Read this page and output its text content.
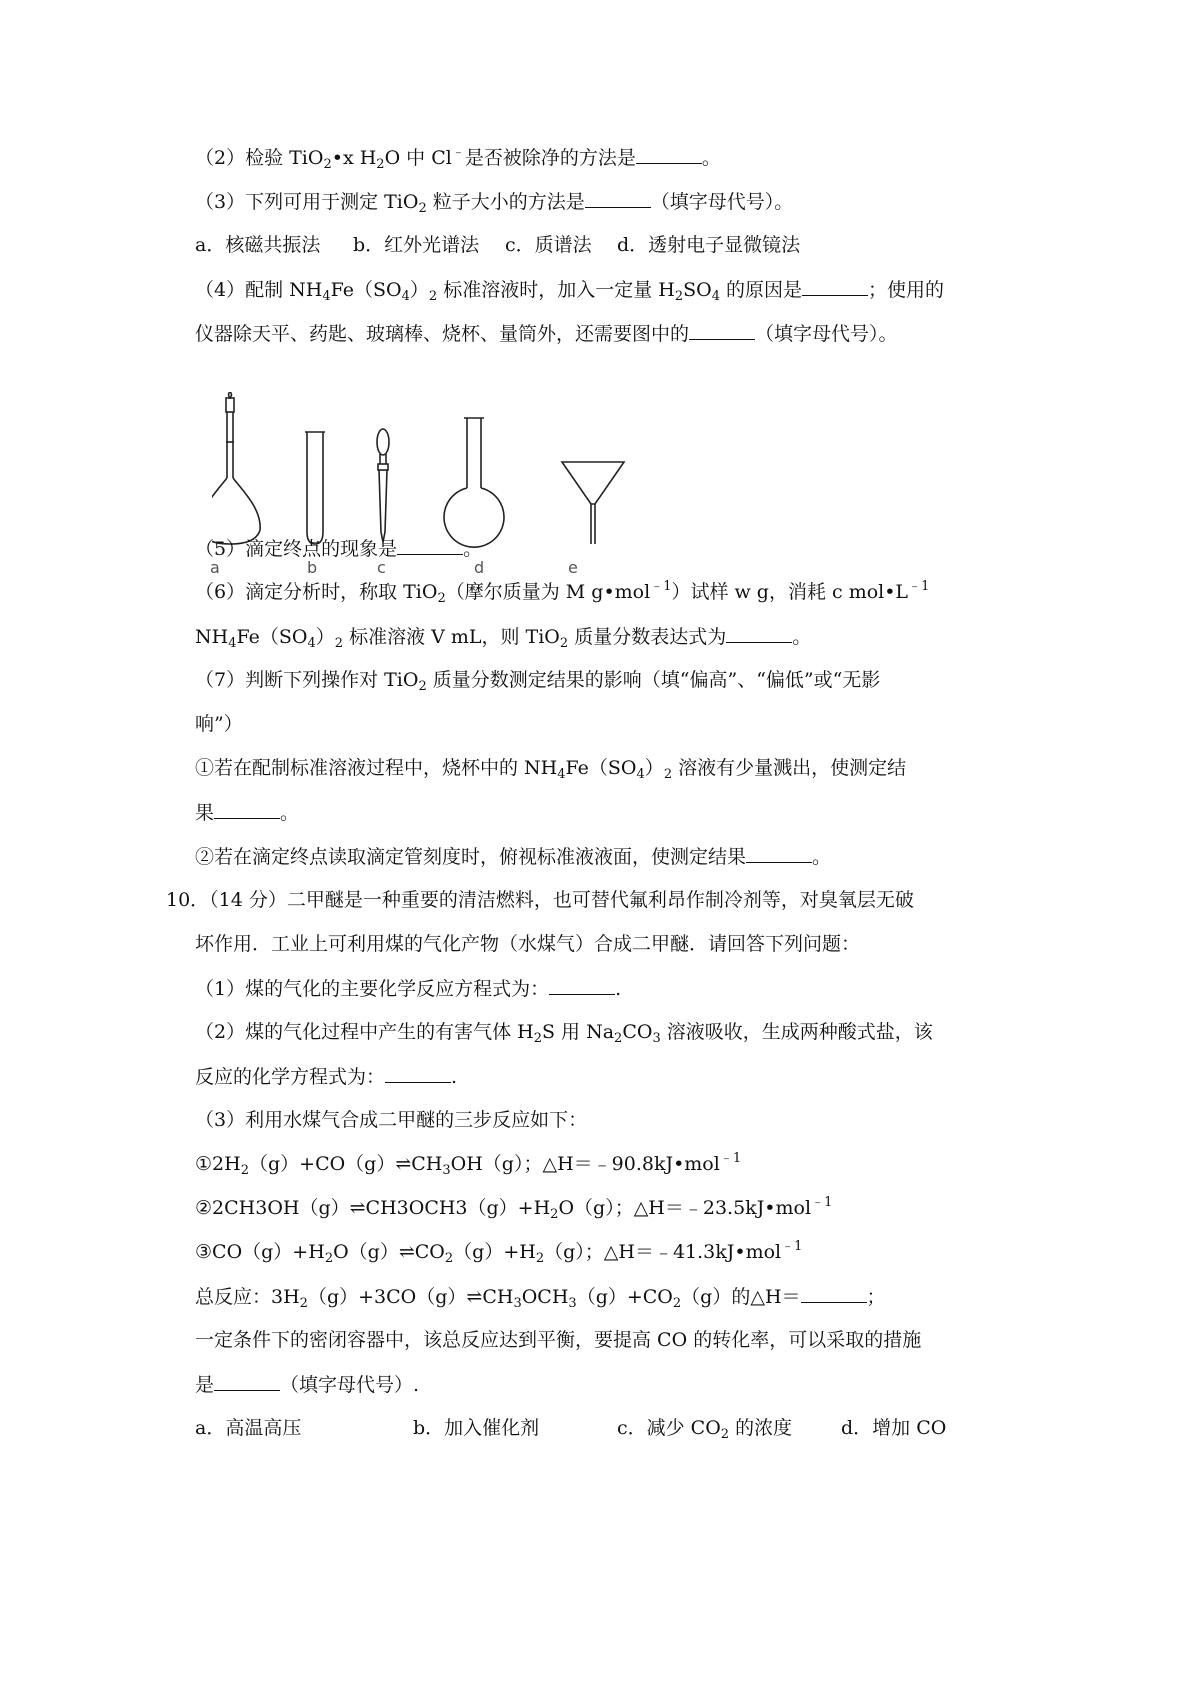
（2）检验 TiO$_2$•x $H_2O$ 中 Cl﹣是否被除净的方法是	。
（3）下列可用于测定 TiO$_2$ 粒子大小的方法是	（填字母代号）。
a．核磁共振法 b．红外光谱法 c．质谱法 d．透射电子显微镜法
（4）配制 $NH_4Fe(SO_4)_2$ 标准溶液时，加入一定量 $H_2SO_4$ 的原因是	；使用的
仪器除天平、药匙、玻璃棒、烧杯、量筒外，还需要图中的	（填字母代号）。
a	b	c	d	e
（5）滴定终点的现象是	。
（6）滴定分析时，称取 TiO$_2$（摩尔质量为 M g•mol$^{﹣1}$）试样 w g，消耗 c $mol•L^{﹣1}$
$NH_4Fe(SO_4)_2$ 标准溶液 V mL，则 TiO$_2$ 质量分数表达式为	。
（7）判断下列操作对 TiO$_2$ 质量分数测定结果的影响（填“偏高”、“偏低”或“无影
响”）
①若在配制标准溶液过程中，烧杯中的 $NH_4Fe(SO_4)_2$ 溶液有少量溅出，使测定结
果	。
②若在滴定终点读取滴定管刻度时，俯视标准液液面，使测定结果	。
10．（14 分）二甲醚是一种重要的清洁燃料，也可替代氟利昂作制冷剂等，对臭氧层无破
坏作用．工业上可利用煤的气化产物（水煤气）合成二甲醚．请回答下列问题：
（1）煤的气化的主要化学反应方程式为：	.
（2）煤的气化过程中产生的有害气体 $H_2S$ 用 $Na_2CO_3$ 溶液吸收，生成两种酸式盐，该
反应的化学方程式为：	.
（3）利用水煤气合成二甲醚的三步反应如下：
$①2H_2(g)+CO(g)\rightleftharpoons CH_3OH(g)$；△H＝﹣90.8kJ•mol$^{﹣1}$
$②2CH3OH(g)\rightleftharpoons CH3OCH3(g)+H_2O(g)$；△H＝﹣23.5kJ•mol$^{﹣1}$
$③CO(g)+H_2O(g)\rightleftharpoons CO_2(g)+H_2(g)$；△H＝﹣41.3kJ•mol$^{﹣1}$
总反应：$3H_2(g)+3CO(g)\rightleftharpoons CH_3OCH_3(g)+CO_2(g)$的△H＝	；
一定条件下的密闭容器中，该总反应达到平衡，要提高 CO 的转化率，可以采取的措施
是	（填字母代号）.
a．高温高压	b．加入催化剂	c．减少 $CO_2$ 的浓度	d．增加 CO
